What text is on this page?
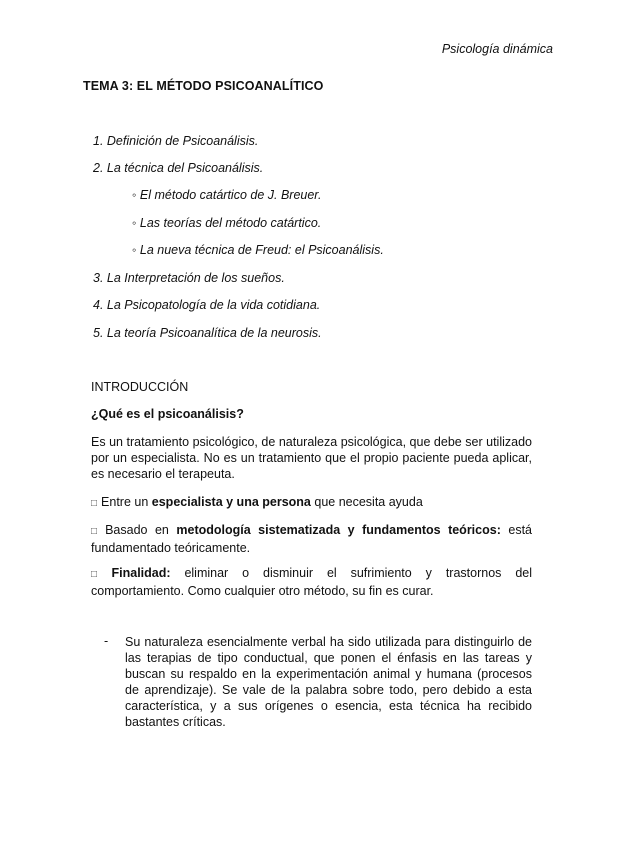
Psicología dinámica
TEMA 3: EL MÉTODO PSICOANALÍTICO
1. Definición de Psicoanálisis.
2. La técnica del Psicoanálisis.
◦ El método catártico de J. Breuer.
◦ Las teorías del método catártico.
◦ La nueva técnica de Freud: el Psicoanálisis.
3. La Interpretación de los sueños.
4. La Psicopatología de la vida cotidiana.
5. La teoría Psicoanalítica de la neurosis.
INTRODUCCIÓN
¿Qué es el psicoanálisis?
Es un tratamiento psicológico, de naturaleza psicológica, que debe ser utilizado por un especialista. No es un tratamiento que el propio paciente pueda aplicar, es necesario el terapeuta.
□ Entre un especialista y una persona que necesita ayuda
□ Basado en metodología sistematizada y fundamentos teóricos: está fundamentado teóricamente.
□ Finalidad: eliminar o disminuir el sufrimiento y trastornos del comportamiento. Como cualquier otro método, su fin es curar.
- Su naturaleza esencialmente verbal ha sido utilizada para distinguirlo de las terapias de tipo conductual, que ponen el énfasis en las tareas y buscan su respaldo en la experimentación animal y humana (procesos de aprendizaje). Se vale de la palabra sobre todo, pero debido a esta característica, y a sus orígenes o esencia, esta técnica ha recibido bastantes críticas.
